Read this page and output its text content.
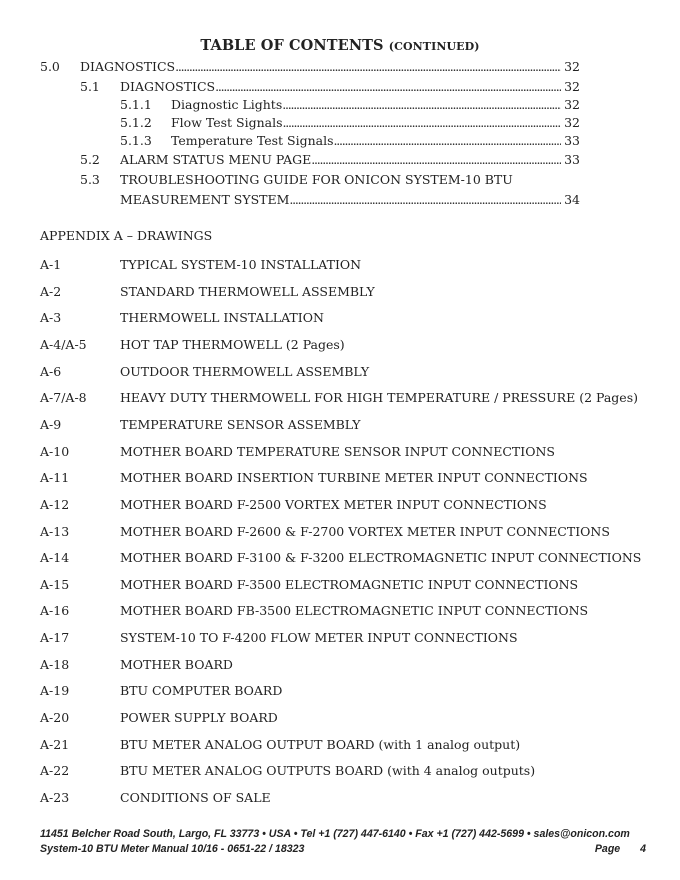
TABLE OF CONTENTS (CONTINUED)
5.0	DIAGNOSTICS . . .	32
5.1	DIAGNOSTICS . . .	32
5.1.1	Diagnostic Lights . . .	32
5.1.2	Flow Test Signals . . .	32
5.1.3	Temperature Test Signals . . .	33
5.2	ALARM STATUS MENU PAGE . . .	33
5.3	TROUBLESHOOTING GUIDE FOR ONICON SYSTEM-10 BTU
MEASUREMENT SYSTEM . . .	34
APPENDIX A – DRAWINGS
A-1	TYPICAL SYSTEM-10 INSTALLATION
A-2	STANDARD THERMOWELL ASSEMBLY
A-3	THERMOWELL INSTALLATION
A-4/A-5	HOT TAP THERMOWELL (2 Pages)
A-6	OUTDOOR THERMOWELL ASSEMBLY
A-7/A-8	HEAVY DUTY THERMOWELL FOR HIGH TEMPERATURE / PRESSURE (2 Pages)
A-9	TEMPERATURE SENSOR ASSEMBLY
A-10	MOTHER BOARD TEMPERATURE SENSOR INPUT CONNECTIONS
A-11	MOTHER BOARD INSERTION TURBINE METER INPUT CONNECTIONS
A-12	MOTHER BOARD F-2500 VORTEX METER INPUT CONNECTIONS
A-13	MOTHER BOARD F-2600 & F-2700 VORTEX METER INPUT CONNECTIONS
A-14	MOTHER BOARD F-3100 & F-3200 ELECTROMAGNETIC INPUT CONNECTIONS
A-15	MOTHER BOARD F-3500 ELECTROMAGNETIC INPUT CONNECTIONS
A-16	MOTHER BOARD FB-3500 ELECTROMAGNETIC INPUT CONNECTIONS
A-17	SYSTEM-10 TO F-4200 FLOW METER INPUT CONNECTIONS
A-18	MOTHER BOARD
A-19	BTU COMPUTER BOARD
A-20	POWER SUPPLY BOARD
A-21	BTU METER ANALOG OUTPUT BOARD (with 1 analog output)
A-22	BTU METER ANALOG OUTPUTS BOARD (with 4 analog outputs)
A-23	CONDITIONS OF SALE
11451 Belcher Road South, Largo, FL 33773 • USA • Tel +1 (727) 447-6140 • Fax +1 (727) 442-5699 • sales@onicon.com
System-10 BTU Meter Manual 10/16 - 0651-22 / 18323	Page 4
